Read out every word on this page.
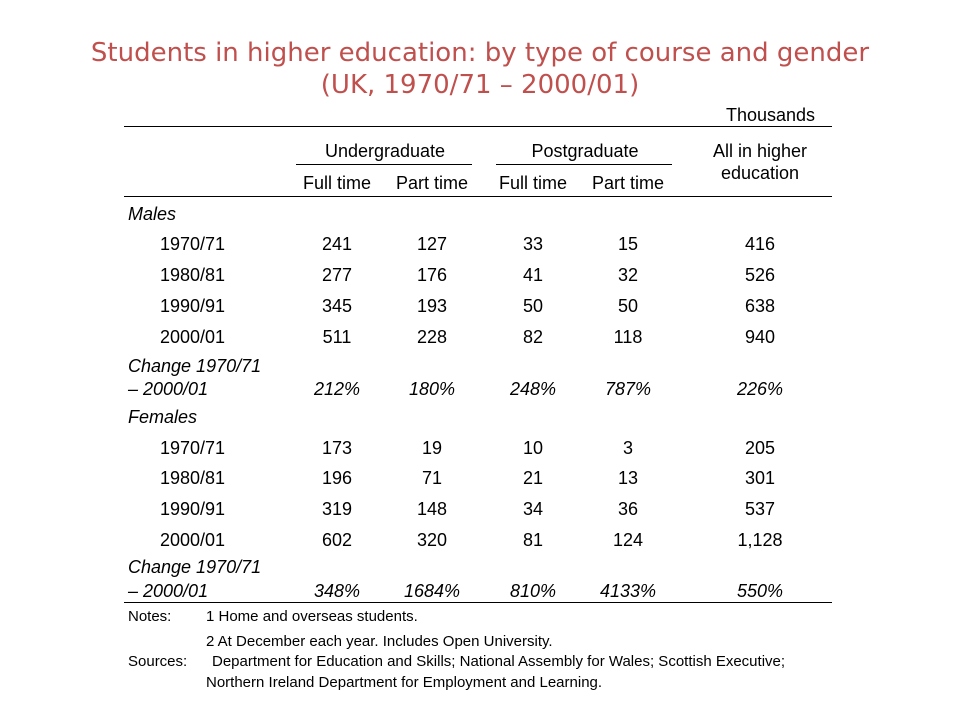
Students in higher education: by type of course and gender
(UK, 1970/71 – 2000/01)
Thousands
Undergraduate	Postgraduate	All in higher
education
Full time	Part time	Full time	Part time
Males
1970/71	241	127	33	15	416
1980/81	277	176	41	32	526
1990/91	345	193	50	50	638
2000/01	511	228	82	118	940
Change 1970/71
– 2000/01	212%	180%	248%	787%	226%
Females
1970/71	173	19	10	3	205
1980/81	196	71	21	13	301
1990/91	319	148	34	36	537
2000/01	602	320	81	124	1,128
Change 1970/71
– 2000/01	348%	1684%	810%	4133%	550%
Notes: 1 Home and overseas students.
2 At December each year. Includes Open University.
Sources: Department for Education and Skills; National Assembly for Wales; Scottish Executive;
Northern Ireland Department for Employment and Learning.
